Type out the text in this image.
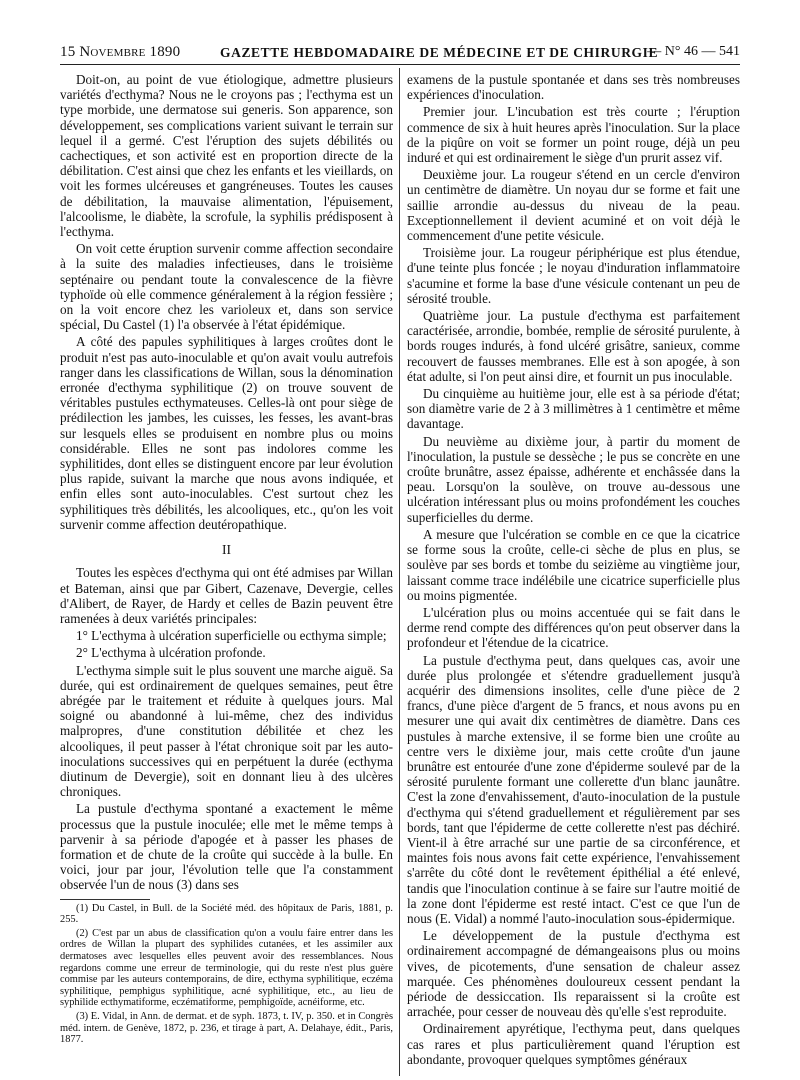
15 Novembre 1890	GAZETTE HEBDOMADAIRE DE MÉDECINE ET DE CHIRURGIE
— N° 46 — 541

Doit-on, au point de vue étiologique, admettre plusieurs variétés d'ecthyma? Nous ne le croyons pas ; l'ecthyma est un type morbide, une dermatose sui generis. Son apparence, son développement, ses complications varient suivant le terrain sur lequel il a germé. C'est l'éruption des sujets débilités ou cachectiques, et son activité est en proportion directe de la débilitation. C'est ainsi que chez les enfants et les vieillards, on voit les formes ulcéreuses et gangréneuses. Toutes les causes de débilitation, la mauvaise alimentation, l'épuisement, l'alcoolisme, le diabète, la scrofule, la syphilis prédisposent à l'ecthyma.

On voit cette éruption survenir comme affection secondaire à la suite des maladies infectieuses, dans le troisième septénaire ou pendant toute la convalescence de la fièvre typhoïde où elle commence généralement à la région fessière ; on la voit encore chez les varioleux et, dans son service spécial, Du Castel (1) l'a observée à l'état épidémique.

A côté des papules syphilitiques à larges croûtes dont le produit n'est pas auto-inoculable et qu'on avait voulu autrefois ranger dans les classifications de Willan, sous la dénomination erronée d'ecthyma syphilitique (2) on trouve souvent de véritables pustules ecthymateuses. Celles-là ont pour siège de prédilection les jambes, les cuisses, les fesses, les avant-bras sur lesquels elles se produisent en nombre plus ou moins considérable. Elles ne sont pas indolores comme les syphilitides, dont elles se distinguent encore par leur évolution plus rapide, suivant la marche que nous avons indiquée, et enfin elles sont auto-inoculables. C'est surtout chez les syphilitiques très débilités, les alcooliques, etc., qu'on les voit survenir comme affection deutéropathique.

II

Toutes les espèces d'ecthyma qui ont été admises par Willan et Bateman, ainsi que par Gibert, Cazenave, Devergie, celles d'Alibert, de Rayer, de Hardy et celles de Bazin peuvent être ramenées à deux variétés principales:

1° L'ecthyma à ulcération superficielle ou ecthyma simple;

2° L'ecthyma à ulcération profonde.

L'ecthyma simple suit le plus souvent une marche aiguë. Sa durée, qui est ordinairement de quelques semaines, peut être abrégée par le traitement et réduite à quelques jours. Mal soigné ou abandonné à lui-même, chez des individus malpropres, d'une constitution débilitée et chez les alcooliques, il peut passer à l'état chronique soit par les auto-inoculations successives qui en perpétuent la durée (ecthyma diutinum de Devergie), soit en donnant lieu à des ulcères chroniques.

La pustule d'ecthyma spontané a exactement le même processus que la pustule inoculée; elle met le même temps à parvenir à sa période d'apogée et à passer les phases de formation et de chute de la croûte qui succède à la bulle. En voici, jour par jour, l'évolution telle que l'a constamment observée l'un de nous (3) dans ses

(1) Du Castel, in Bull. de la Société méd. des hôpitaux de Paris, 1881, p. 255.

(2) C'est par un abus de classification qu'on a voulu faire entrer dans les ordres de Willan la plupart des syphilides cutanées, et les assimiler aux dermatoses avec lesquelles elles peuvent avoir des ressemblances. Nous regardons comme une erreur de terminologie, qui du reste n'est plus guère commise par les auteurs contemporains, de dire, ecthyma syphilitique, eczéma syphilitique, pemphigus syphilitique, acné syphilitique, etc., au lieu de syphilide ecthymatiforme, eczématiforme, pemphigoïde, acnéiforme, etc.

(3) E. Vidal, in Ann. de dermat. et de syph. 1873, t. IV, p. 350. et in Congrès méd. intern. de Genève, 1872, p. 236, et tirage à part, A. Delahaye, édit., Paris, 1877.

examens de la pustule spontanée et dans ses très nombreuses expériences d'inoculation.

Premier jour. L'incubation est très courte ; l'éruption commence de six à huit heures après l'inoculation. Sur la place de la piqûre on voit se former un point rouge, déjà un peu induré et qui est ordinairement le siège d'un prurit assez vif.

Deuxième jour. La rougeur s'étend en un cercle d'environ un centimètre de diamètre. Un noyau dur se forme et fait une saillie arrondie au-dessus du niveau de la peau. Exceptionnellement il devient acuminé et on voit déjà le commencement d'une petite vésicule.

Troisième jour. La rougeur périphérique est plus étendue, d'une teinte plus foncée ; le noyau d'induration inflammatoire s'acumine et forme la base d'une vésicule contenant un peu de sérosité trouble.

Quatrième jour. La pustule d'ecthyma est parfaitement caractérisée, arrondie, bombée, remplie de sérosité purulente, à bords rouges indurés, à fond ulcéré grisâtre, sanieux, comme recouvert de fausses membranes. Elle est à son apogée, à son état adulte, si l'on peut ainsi dire, et fournit un pus inoculable.

Du cinquième au huitième jour, elle est à sa période d'état; son diamètre varie de 2 à 3 millimètres à 1 centimètre et même davantage.

Du neuvième au dixième jour, à partir du moment de l'inoculation, la pustule se dessèche ; le pus se concrète en une croûte brunâtre, assez épaisse, adhérente et enchâssée dans la peau. Lorsqu'on la soulève, on trouve au-dessous une ulcération intéressant plus ou moins profondément les couches superficielles du derme.

A mesure que l'ulcération se comble en ce que la cicatrice se forme sous la croûte, celle-ci sèche de plus en plus, se soulève par ses bords et tombe du seizième au vingtième jour, laissant comme trace indélébile une cicatrice superficielle plus ou moins pigmentée.

L'ulcération plus ou moins accentuée qui se fait dans le derme rend compte des différences qu'on peut observer dans la profondeur et l'étendue de la cicatrice.

La pustule d'ecthyma peut, dans quelques cas, avoir une durée plus prolongée et s'étendre graduellement jusqu'à acquérir des dimensions insolites, celle d'une pièce de 2 francs, d'une pièce d'argent de 5 francs, et nous avons pu en mesurer une qui avait dix centimètres de diamètre. Dans ces pustules à marche extensive, il se forme bien une croûte au centre vers le dixième jour, mais cette croûte d'un jaune brunâtre est entourée d'une zone d'épiderme soulevé par de la sérosité purulente formant une collerette d'un blanc jaunâtre. C'est la zone d'envahissement, d'auto-inoculation de la pustule d'ecthyma qui s'étend graduellement et régulièrement par ses bords, tant que l'épiderme de cette collerette n'est pas déchiré. Vient-il à être arraché sur une partie de sa circonférence, et maintes fois nous avons fait cette expérience, l'envahissement s'arrête du côté dont le revêtement épithélial a été enlevé, tandis que l'inoculation continue à se faire sur l'autre moitié de la zone dont l'épiderme est resté intact. C'est ce que l'un de nous (E. Vidal) a nommé l'auto-inoculation sous-épidermique.

Le développement de la pustule d'ecthyma est ordinairement accompagné de démangeaisons plus ou moins vives, de picotements, d'une sensation de chaleur assez marquée. Ces phénomènes douloureux cessent pendant la période de dessiccation. Ils reparaissent si la croûte est arrachée, pour cesser de nouveau dès qu'elle s'est reproduite.

Ordinairement apyrétique, l'ecthyma peut, dans quelques cas rares et plus particulièrement quand l'éruption est abondante, provoquer quelques symptômes généraux
